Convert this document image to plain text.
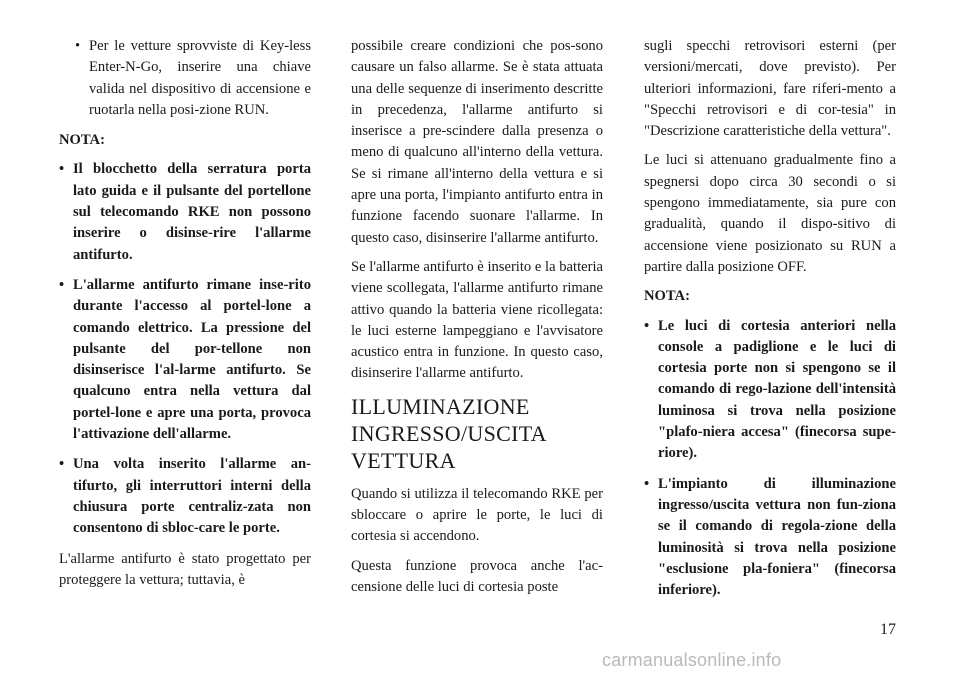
• Per le vetture sprovviste di Key-less Enter-N-Go, inserire una chiave valida nel dispositivo di accensione e ruotarla nella posi-zione RUN.
NOTA:
• Il blocchetto della serratura porta lato guida e il pulsante del portellone sul telecomando RKE non possono inserire o disinse-rire l'allarme antifurto.
• L'allarme antifurto rimane inse-rito durante l'accesso al portel-lone a comando elettrico. La pressione del pulsante del por-tellone non disinserisce l'al-larme antifurto. Se qualcuno entra nella vettura dal portel-lone e apre una porta, provoca l'attivazione dell'allarme.
• Una volta inserito l'allarme an-tifurto, gli interruttori interni della chiusura porte centraliz-zata non consentono di sbloc-care le porte.

L'allarme antifurto è stato progettato per proteggere la vettura; tuttavia, è

possibile creare condizioni che pos-sono causare un falso allarme. Se è stata attuata una delle sequenze di inserimento descritte in precedenza, l'allarme antifurto si inserisce a pre-scindere dalla presenza o meno di qualcuno all'interno della vettura. Se si rimane all'interno della vettura e si apre una porta, l'impianto antifurto entra in funzione facendo suonare l'allarme. In questo caso, disinserire l'allarme antifurto.

Se l'allarme antifurto è inserito e la batteria viene scollegata, l'allarme antifurto rimane attivo quando la batteria viene ricollegata: le luci esterne lampeggiano e l'avvisatore acustico entra in funzione. In questo caso, disinserire l'allarme antifurto.

ILLUMINAZIONE
INGRESSO/USCITA
VETTURA

Quando si utilizza il telecomando RKE per sbloccare o aprire le porte, le luci di cortesia si accendono.

Questa funzione provoca anche l'ac-censione delle luci di cortesia poste

sugli specchi retrovisori esterni (per versioni/mercati, dove previsto). Per ulteriori informazioni, fare riferi-mento a "Specchi retrovisori e di cor-tesia" in "Descrizione caratteristiche della vettura".

Le luci si attenuano gradualmente fino a spegnersi dopo circa 30 secondi o si spengono immediatamente, sia pure con gradualità, quando il dispo-sitivo di accensione viene posizionato su RUN a partire dalla posizione OFF.

NOTA:
• Le luci di cortesia anteriori nella console a padiglione e le luci di cortesia porte non si spengono se il comando di rego-lazione dell'intensità luminosa si trova nella posizione "plafo-niera accesa" (finecorsa supe-riore).
• L'impianto di illuminazione ingresso/uscita vettura non fun-ziona se il comando di regola-zione della luminosità si trova nella posizione "esclusione pla-foniera" (finecorsa inferiore).
17
carmanualsonline.info
